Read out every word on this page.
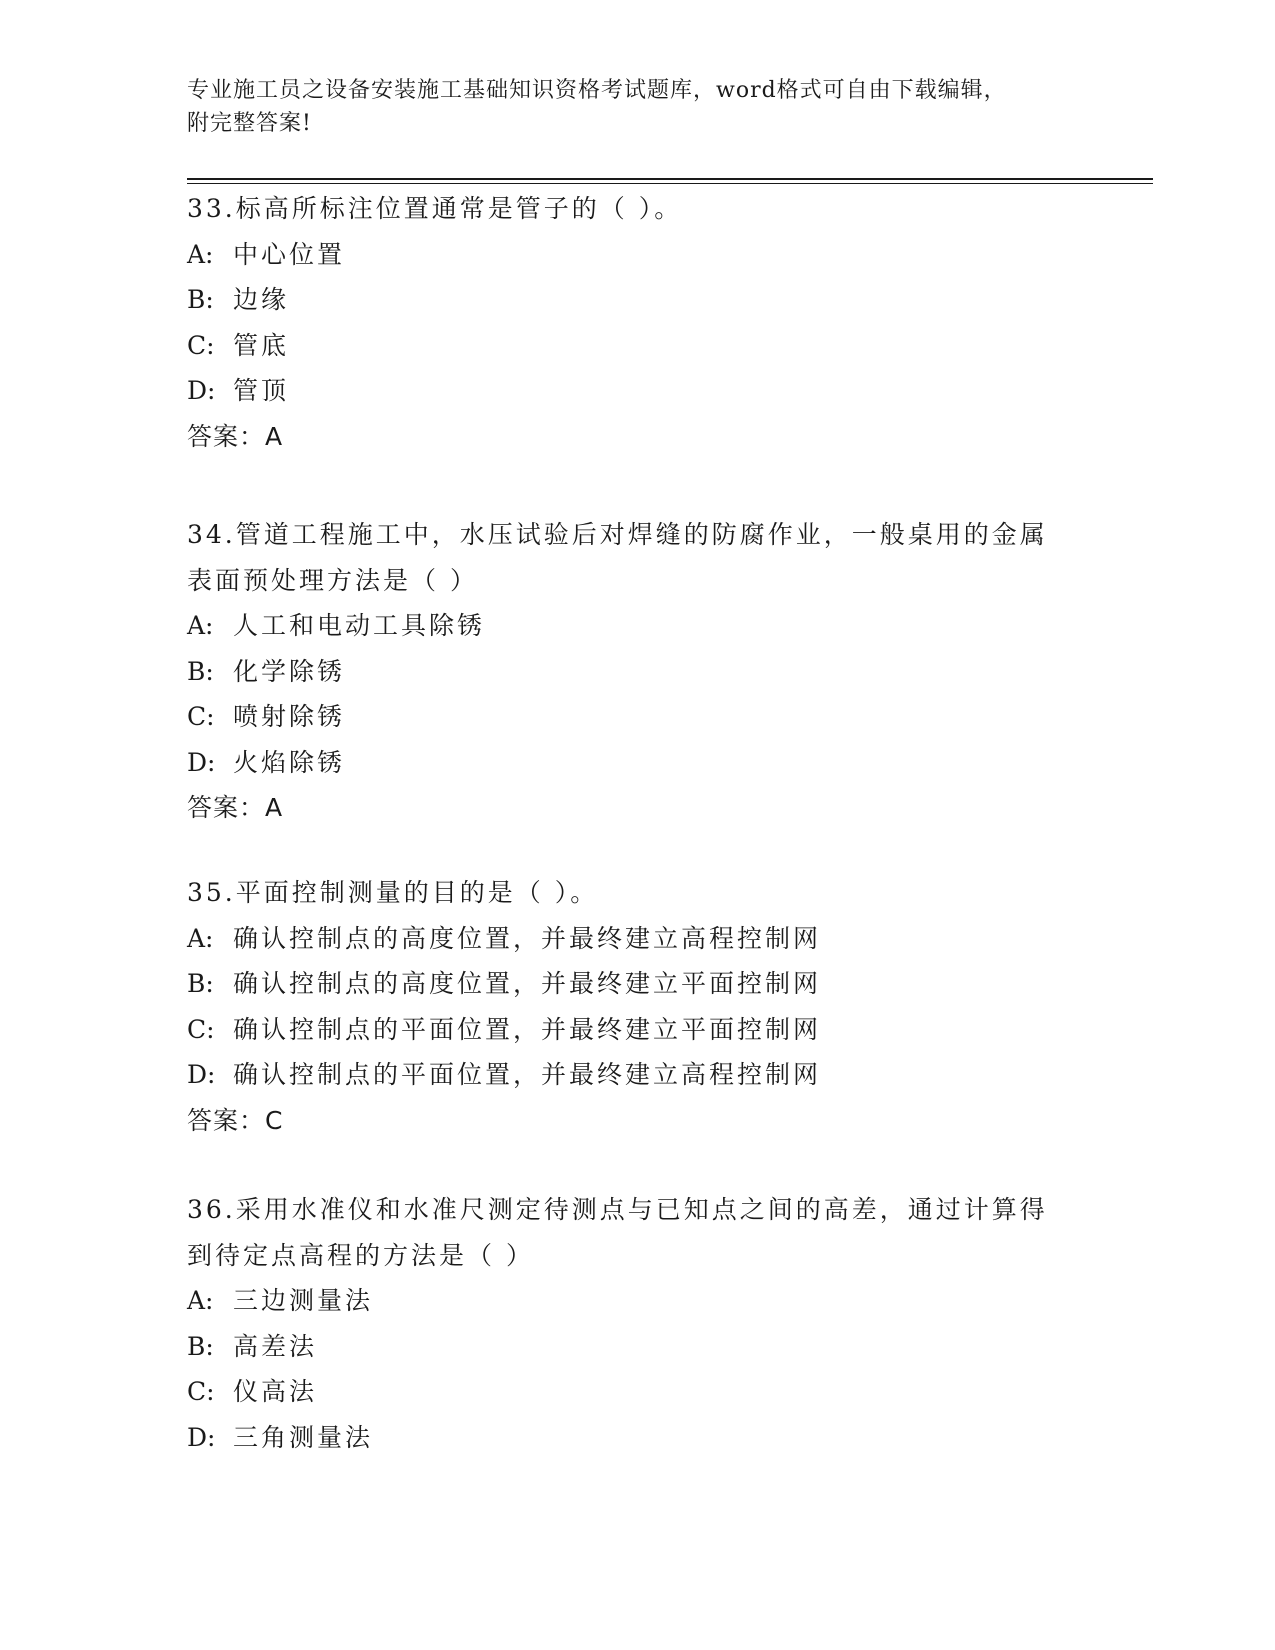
专业施工员之设备安装施工基础知识资格考试题库，word格式可自由下载编辑，
附完整答案!
33.标高所标注位置通常是管子的（ ）。
A: 中心位置
B: 边缘
C: 管底
D: 管顶
答案：A
34.管道工程施工中，水压试验后对焊缝的防腐作业，一般桌用的金属
表面预处理方法是（ ）
A: 人工和电动工具除锈
B: 化学除锈
C: 喷射除锈
D: 火焰除锈
答案：A
35.平面控制测量的目的是（ ）。
A: 确认控制点的高度位置，并最终建立高程控制网
B: 确认控制点的高度位置，并最终建立平面控制网
C: 确认控制点的平面位置，并最终建立平面控制网
D: 确认控制点的平面位置，并最终建立高程控制网
答案：C
36.采用水准仪和水准尺测定待测点与已知点之间的高差，通过计算得
到待定点高程的方法是（ ）
A: 三边测量法
B: 高差法
C: 仪高法
D: 三角测量法
